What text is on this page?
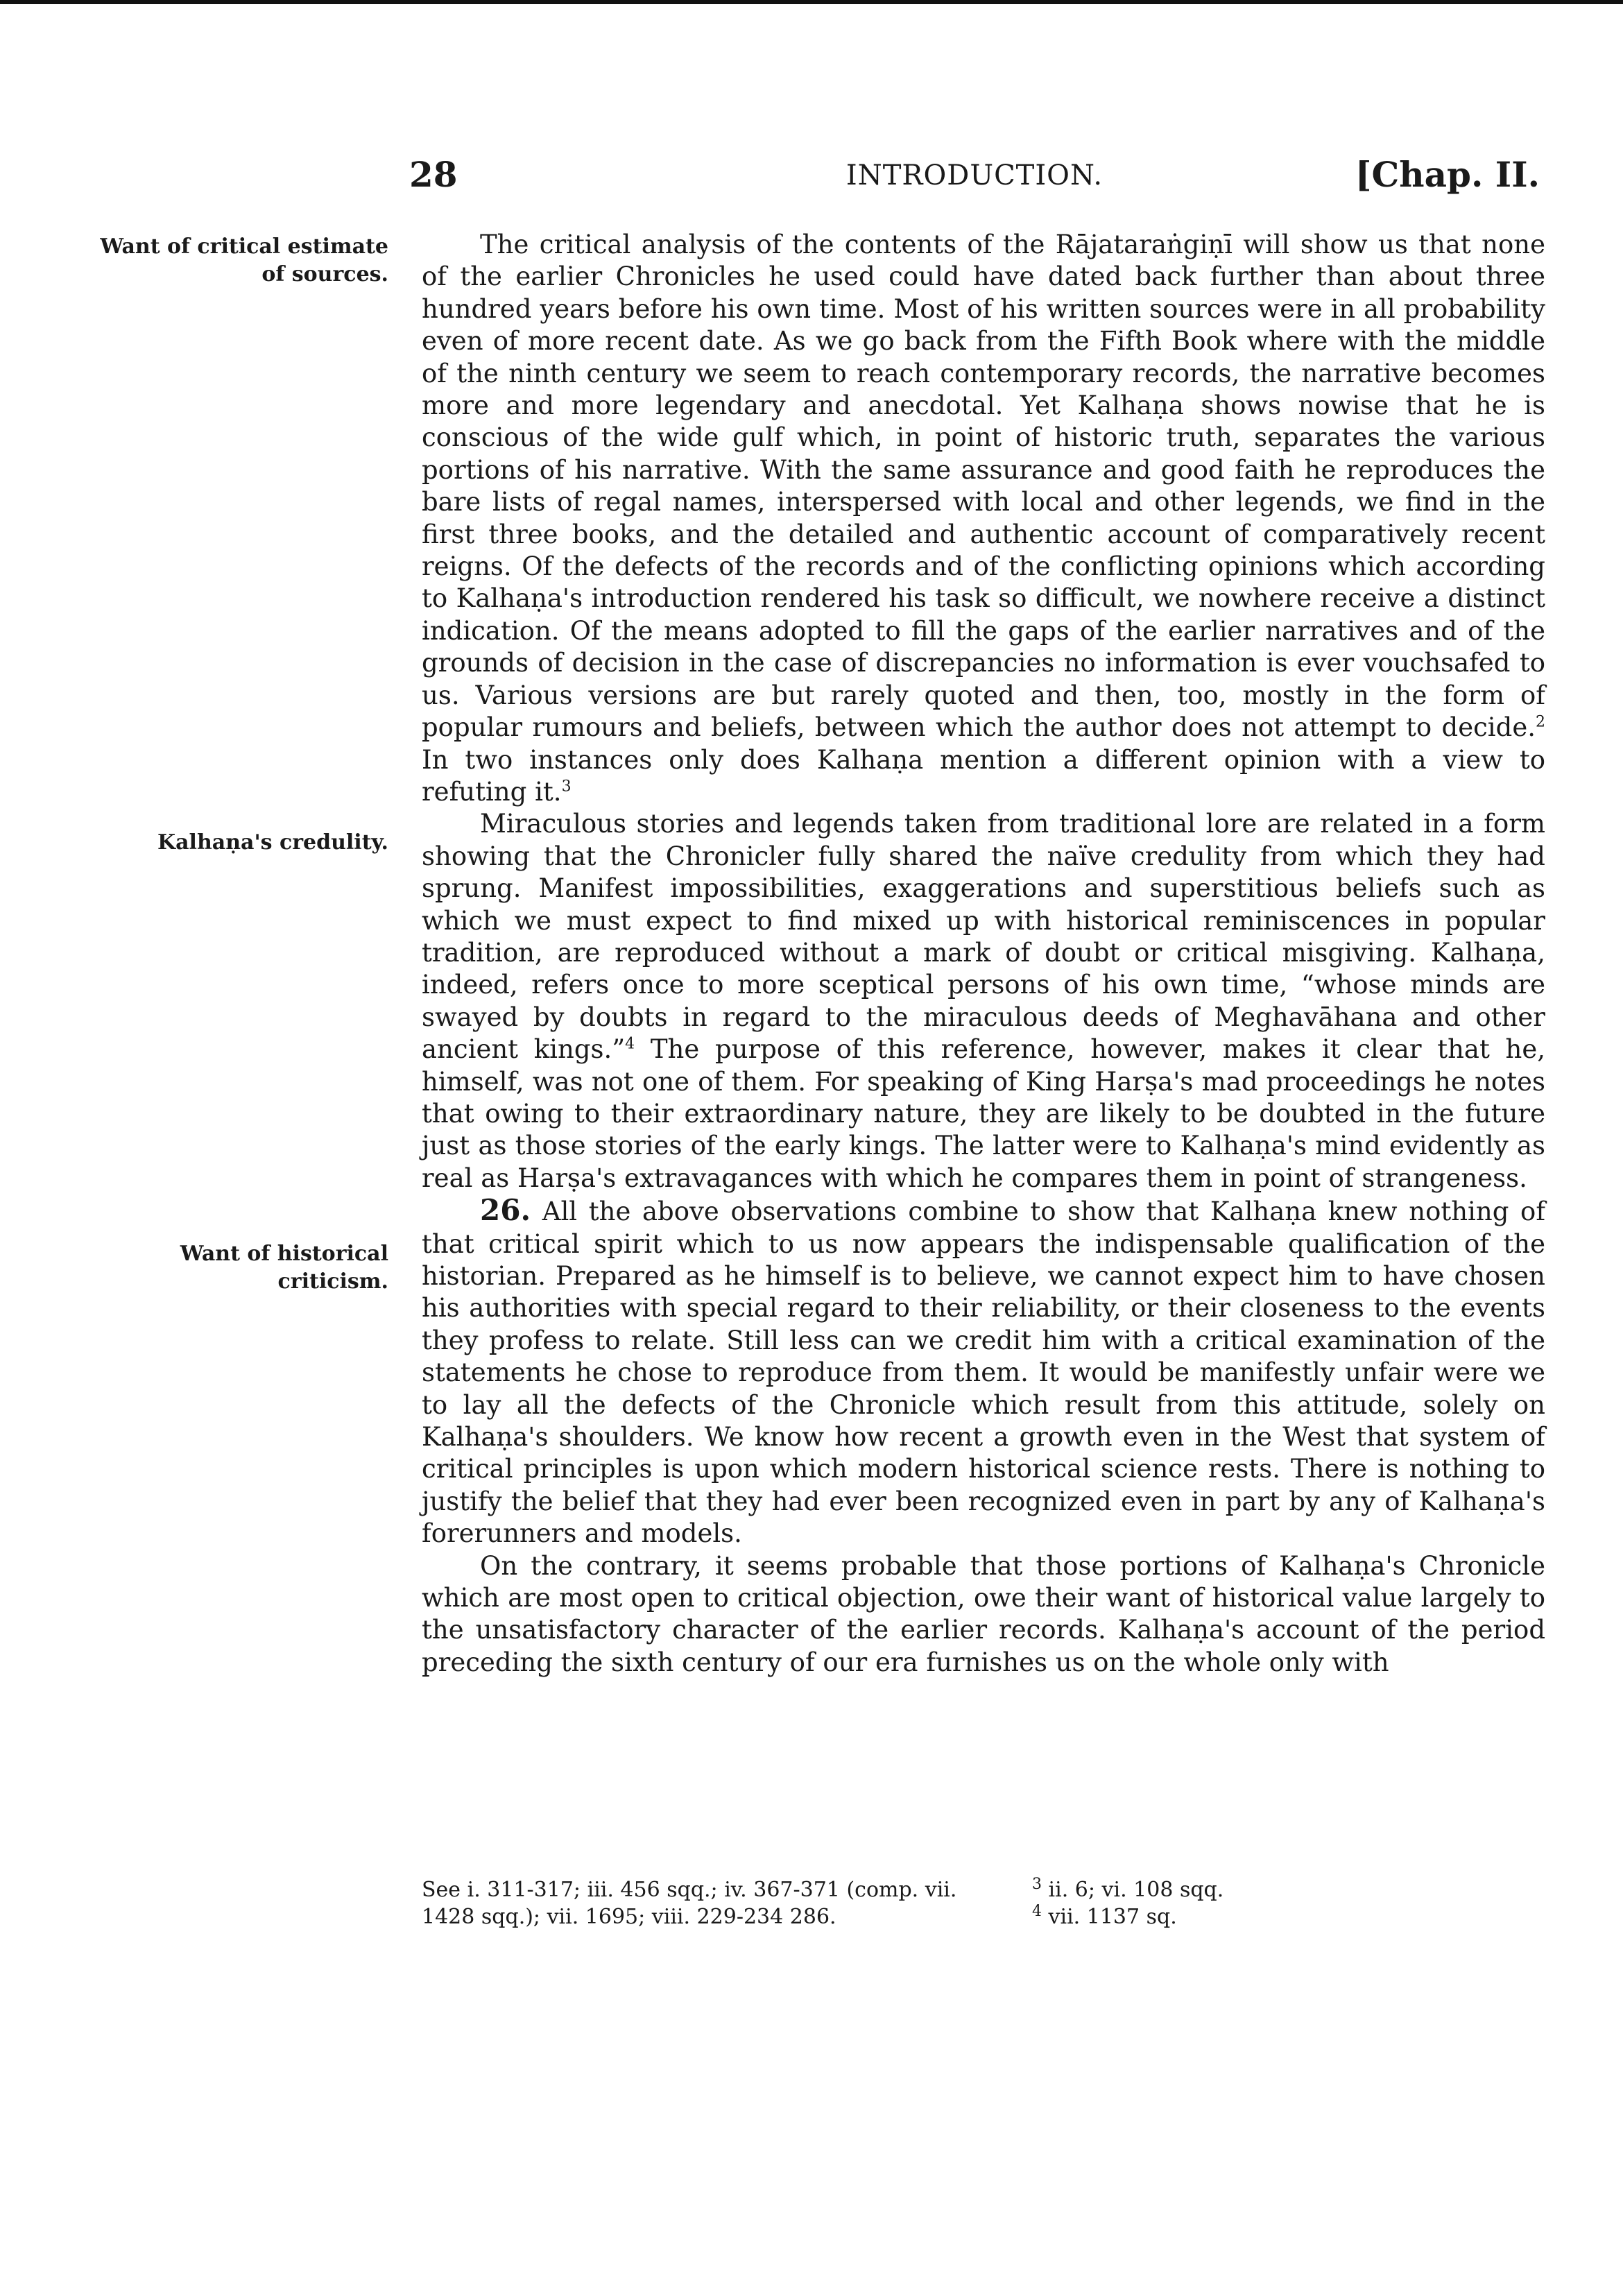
28	INTRODUCTION.	[Chap. II.
Want of critical estimate of sources.
Kalhaṇa's credulity.
Want of historical criticism.

The critical analysis of the contents of the Rājataraṅgiṇī will show us that none of the earlier Chronicles he used could have dated back further than about three hundred years before his own time. Most of his written sources were in all probability even of more recent date. As we go back from the Fifth Book where with the middle of the ninth century we seem to reach contemporary records, the narrative becomes more and more legendary and anecdotal. Yet Kalhaṇa shows nowise that he is conscious of the wide gulf which, in point of historic truth, separates the various portions of his narrative. With the same assurance and good faith he reproduces the bare lists of regal names, interspersed with local and other legends, we find in the first three books, and the detailed and authentic account of comparatively recent reigns. Of the defects of the records and of the conflicting opinions which according to Kalhaṇa's introduction rendered his task so difficult, we nowhere receive a distinct indication. Of the means adopted to fill the gaps of the earlier narratives and of the grounds of decision in the case of discrepancies no information is ever vouchsafed to us. Various versions are but rarely quoted and then, too, mostly in the form of popular rumours and beliefs, between which the author does not attempt to decide.$^2$ In two instances only does Kalhaṇa mention a different opinion with a view to refuting it.$^3$

Miraculous stories and legends taken from traditional lore are related in a form showing that the Chronicler fully shared the naïve credulity from which they had sprung. Manifest impossibilities, exaggerations and superstitious beliefs such as which we must expect to find mixed up with historical reminiscences in popular tradition, are reproduced without a mark of doubt or critical misgiving. Kalhaṇa, indeed, refers once to more sceptical persons of his own time, “whose minds are swayed by doubts in regard to the miraculous deeds of Meghavāhana and other ancient kings.”$^4$ The purpose of this reference, however, makes it clear that he, himself, was not one of them. For speaking of King Harṣa's mad proceedings he notes that owing to their extraordinary nature, they are likely to be doubted in the future just as those stories of the early kings. The latter were to Kalhaṇa's mind evidently as real as Harṣa's extravagances with which he compares them in point of strangeness.

26. All the above observations combine to show that Kalhaṇa knew nothing of that critical spirit which to us now appears the indispensable qualification of the historian. Prepared as he himself is to believe, we cannot expect him to have chosen his authorities with special regard to their reliability, or their closeness to the events they profess to relate. Still less can we credit him with a critical examination of the statements he chose to reproduce from them. It would be manifestly unfair were we to lay all the defects of the Chronicle which result from this attitude, solely on Kalhaṇa's shoulders. We know how recent a growth even in the West that system of critical principles is upon which modern historical science rests. There is nothing to justify the belief that they had ever been recognized even in part by any of Kalhaṇa's forerunners and models.

On the contrary, it seems probable that those portions of Kalhaṇa's Chronicle which are most open to critical objection, owe their want of historical value largely to the unsatisfactory character of the earlier records. Kalhaṇa's account of the period preceding the sixth century of our era furnishes us on the whole only with

See i. 311-317; iii. 456 sqq.; iv. 367-371 (comp. vii. 1428 sqq.); vii. 1695; viii. 229-234 286.
$^3$ ii. 6; vi. 108 sqq.
$^4$ vii. 1137 sq.
